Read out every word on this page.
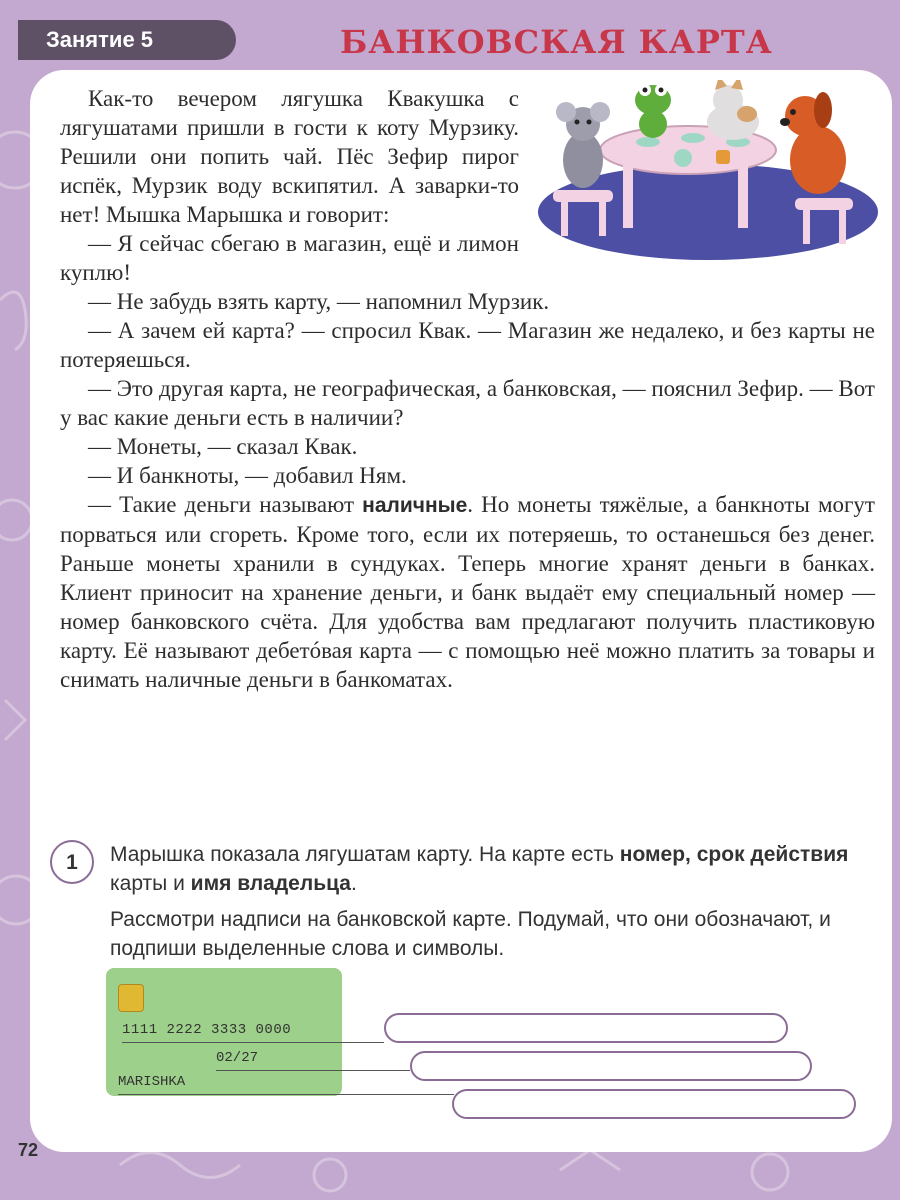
Занятие 5	БАНКОВСКАЯ КАРТА

Как-то вечером лягушка Квакушка с лягушатами пришли в гости к коту Мурзику. Решили они попить чай. Пёс Зефир пирог испёк, Мурзик воду вскипятил. А заварки-то нет! Мышка Марышка и говорит:

— Я сейчас сбегаю в магазин, ещё и лимон куплю!

— Не забудь взять карту, — напомнил Мурзик.

— А зачем ей карта? — спросил Квак. — Магазин же недалеко, и без карты не потеряешься.

— Это другая карта, не географическая, а банковская, — пояснил Зефир. — Вот у вас какие деньги есть в наличии?

— Монеты, — сказал Квак.

— И банкноты, — добавил Ням.

— Такие деньги называют наличные. Но монеты тяжёлые, а банкноты могут порваться или сгореть. Кроме того, если их потеряешь, то останешься без денег. Раньше монеты хранили в сундуках. Теперь многие хранят деньги в банках. Клиент приносит на хранение деньги, и банк выдаёт ему специальный номер — номер банковского счёта. Для удобства вам предлагают получить пластиковую карту. Её называют дебетóвая карта — с помощью неё можно платить за товары и снимать наличные деньги в банкоматах.

1	Марышка показала лягушатам карту. На карте есть номер, срок действия карты и имя владельца.

Рассмотри надписи на банковской карте. Подумай, что они обозначают, и подпиши выделенные слова и символы.

1111 2222 3333 0000
02/27
MARISHKA
72
